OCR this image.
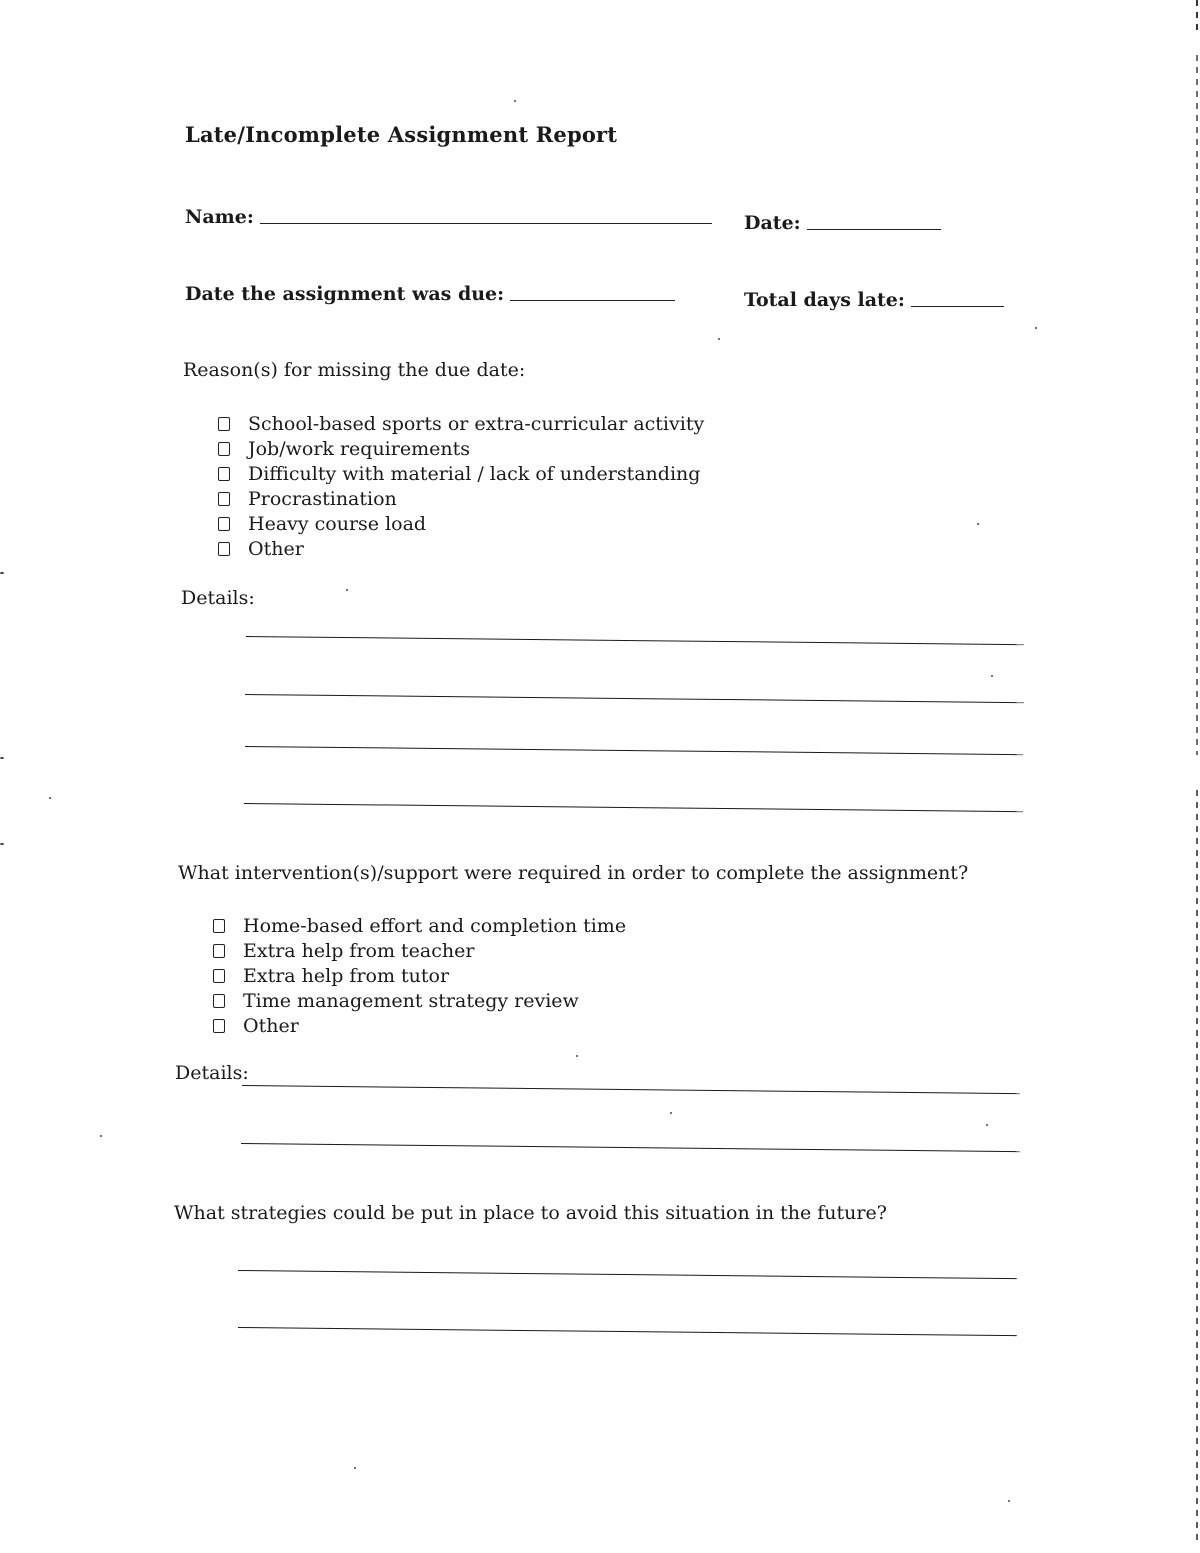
Late/Incomplete Assignment Report
Name:	Date:
Date the assignment was due:	Total days late:
Reason(s) for missing the due date:
School-based sports or extra-curricular activity
Job/work requirements
Difficulty with material / lack of understanding
Procrastination
Heavy course load
Other
Details:
What intervention(s)/support were required in order to complete the assignment?
Home-based effort and completion time
Extra help from teacher
Extra help from tutor
Time management strategy review
Other
Details:
What strategies could be put in place to avoid this situation in the future?
